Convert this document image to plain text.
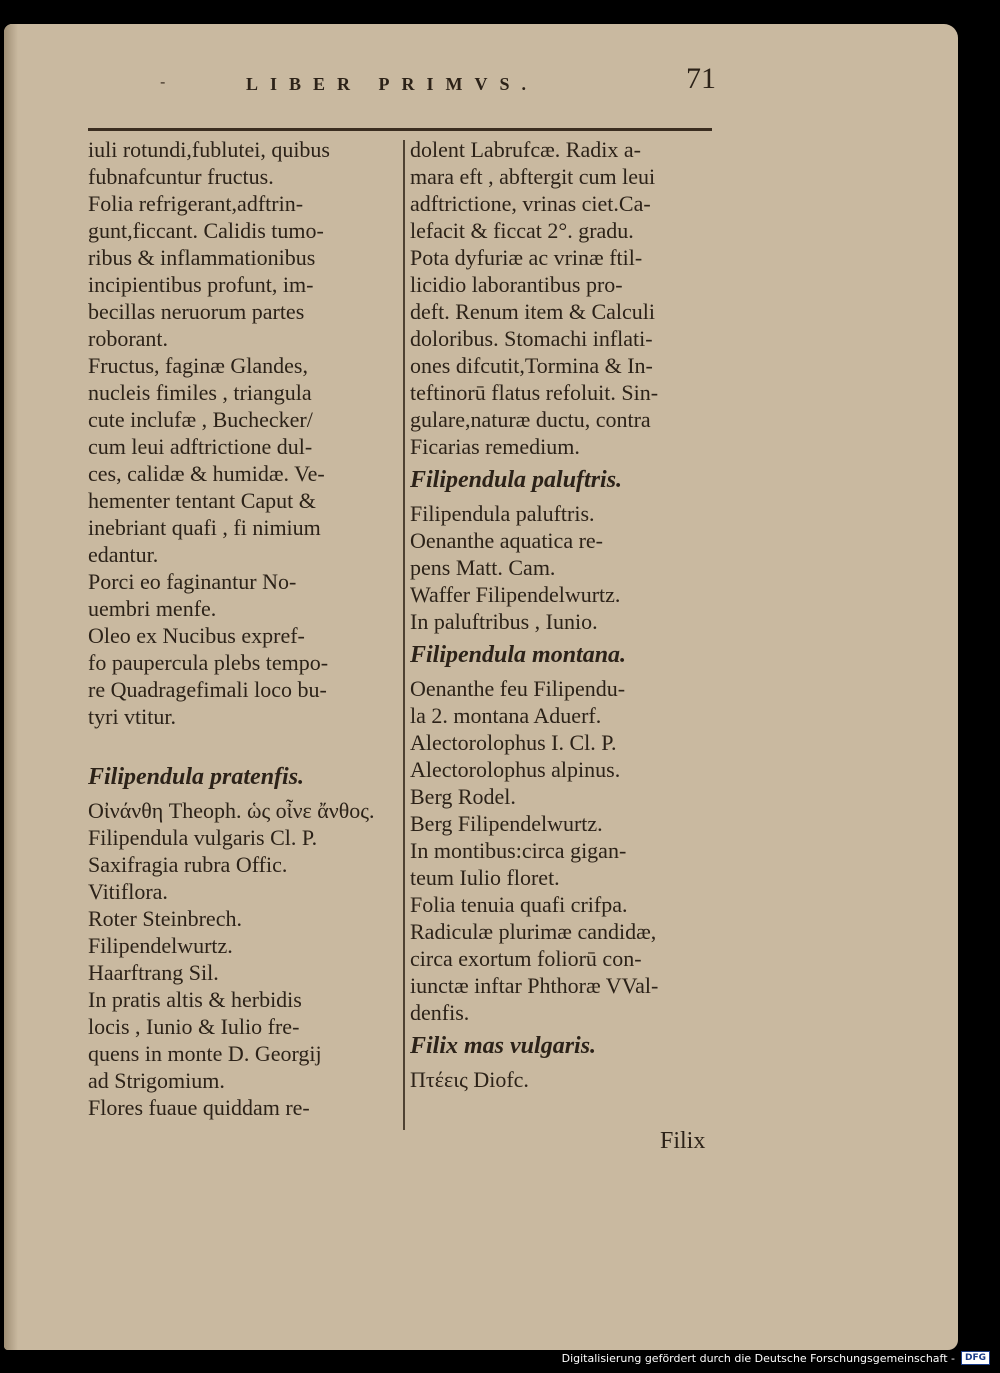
-	LIBER PRIMVS.	71
iuli rotundi,fublutei, quibus
fubnafcuntur fructus.
Folia refrigerant,adftrin-
gunt,ficcant. Calidis tumo-
ribus & inflammationibus
incipientibus profunt, im-
becillas neruorum partes
roborant.
Fructus, faginæ Glandes,
nucleis fimiles , triangula
cute inclufæ , Buchecker/
cum leui adftrictione dul-
ces, calidæ & humidæ. Ve-
hementer tentant Caput &
inebriant quafi , fi nimium
edantur.
Porci eo faginantur No-
uembri menfe.
Oleo ex Nucibus expref-
fo paupercula plebs tempo-
re Quadragefimali loco bu-
tyri vtitur.
Filipendula pratenfis.
Οἰνάνθη Theoph. ὡς οἶνε ἄνθος.
Filipendula vulgaris Cl. P.
Saxifragia rubra Offic.
Vitiflora.
Roter Steinbrech.
Filipendelwurtz.
Haarftrang Sil.
In pratis altis & herbidis
locis , Iunio & Iulio fre-
quens in monte D. Georgij
ad Strigomium.
Flores fuaue quiddam re-
dolent Labrufcæ. Radix a-
mara eft , abftergit cum leui
adftrictione, vrinas ciet.Ca-
lefacit & ficcat 2°. gradu.
Pota dyfuriæ ac vrinæ ftil-
licidio laborantibus pro-
deft. Renum item & Calculi
doloribus. Stomachi inflati-
ones difcutit,Tormina & In-
teftinorū flatus refoluit. Sin-
gulare,naturæ ductu, contra
Ficarias remedium.
Filipendula paluftris.
Filipendula paluftris.
Oenanthe aquatica re-
pens Matt. Cam.
Waffer Filipendelwurtz.
In paluftribus , Iunio.
Filipendula montana.
Oenanthe feu Filipendu-
la 2. montana Aduerf.
Alectorolophus I. Cl. P.
Alectorolophus alpinus.
Berg Rodel.
Berg Filipendelwurtz.
In montibus:circa gigan-
teum Iulio floret.
Folia tenuia quafi crifpa.
Radiculæ plurimæ candidæ,
circa exortum foliorū con-
iunctæ inftar Phthoræ VVal-
denfis.
Filix mas vulgaris.
Πτέεις Diofc.
Filix
Digitalisierung gefördert durch die Deutsche Forschungsgemeinschaft -	DFG
